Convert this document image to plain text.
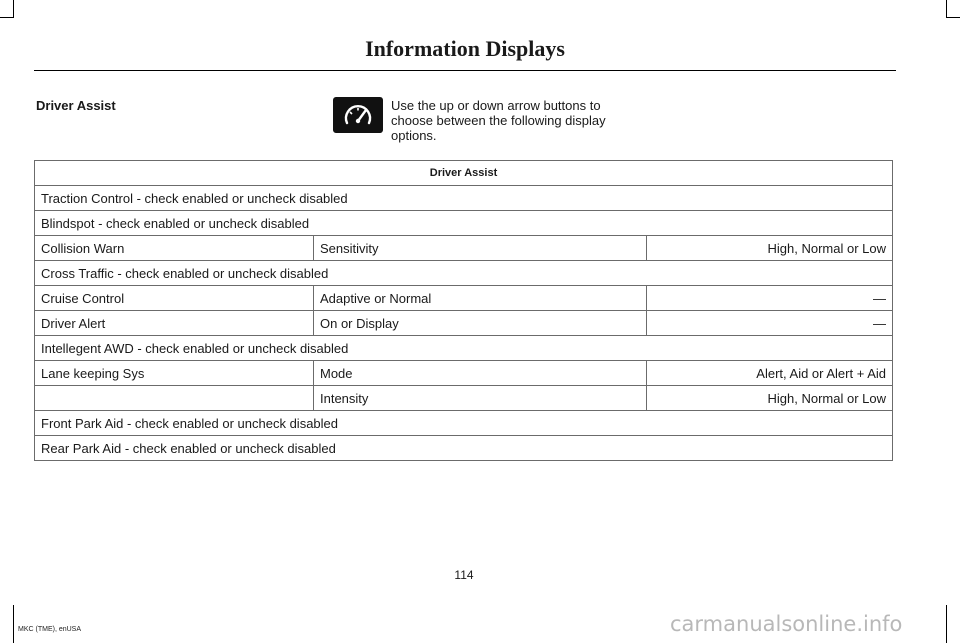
Information Displays
Driver Assist	Use the up or down arrow buttons to choose between the following display options.
Driver Assist		
Traction Control - check enabled or uncheck disabled		
Blindspot - check enabled or uncheck disabled		
Collision Warn	Sensitivity	High, Normal or Low
Cross Traffic - check enabled or uncheck disabled		
Cruise Control	Adaptive or Normal	—
Driver Alert	On or Display	—
Intellegent AWD - check enabled or uncheck disabled		
Lane keeping Sys	Mode	Alert, Aid or Alert + Aid
	Intensity	High, Normal or Low
Front Park Aid - check enabled or uncheck disabled		
Rear Park Aid - check enabled or uncheck disabled		
114
MKC (TME), enUSA	carmanualsonline.info
